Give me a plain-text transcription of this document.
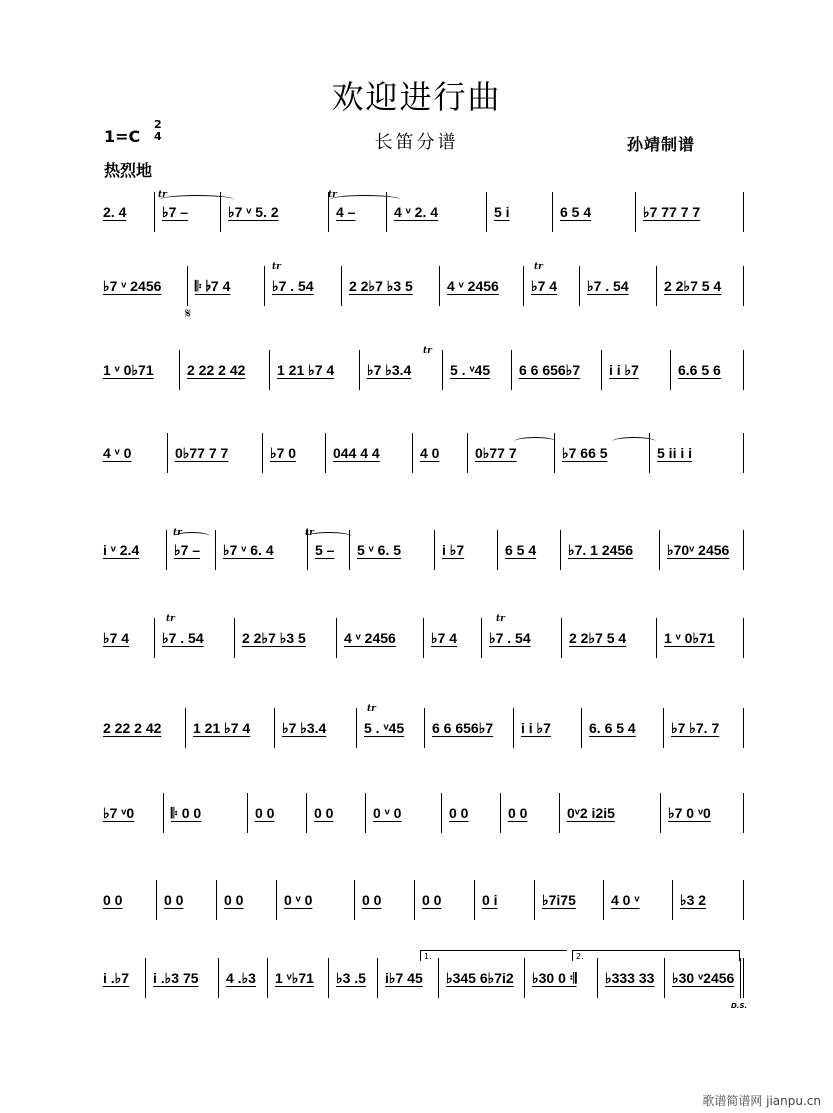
欢迎进行曲
1=C
2
4	长笛分谱	孙靖制谱
热烈地
2. 4	♭7 –	♭7 ᵛ 5. 2	4 –	4 ᵛ 2. 4	5 i	6 5 4	♭7 77 7 7
♭7 ᵛ 2456 𝄆 ♭7 4	♭7 . 54	2 2♭7 ♭3 5 4 ᵛ 2456 ♭7 4 ♭7 . 54	2 2♭7 5 4
1 ᵛ 0♭71 2 22 2 42 1 21 ♭7 4 ♭7 ♭3.4	5 . ᵛ45 6 6 656♭7 i i ♭7	6.6 5 6
4 ᵛ 0	0♭77 7 7	♭7 0	044 4 4	4 0	0♭77 7	♭7 66 5	5 ii i i
i ᵛ 2.4 ♭7 – ♭7 ᵛ 6. 4	5 – 5 ᵛ 6. 5	i ♭7	6 5 4 ♭7. 1 2456 ♭70ᵛ 2456
♭7 4 ♭7 . 54	2 2♭7 ♭3 5	4 ᵛ 2456	♭7 4 ♭7 . 54	2 2♭7 5 4	1 ᵛ 0♭71
2 22 2 42 1 21 ♭7 4 ♭7 ♭3.4	5 . ᵛ45 6 6 656♭7 i i ♭7	6. 6 5 4	♭7 ♭7. 7
♭7 ᵛ0	𝄆 0 0	0 0	0 0	0 ᵛ 0	0 0	0 0	0ᵛ2 i2i5	♭7 0 ᵛ0
0 0	0 0	0 0	0 ᵛ 0	0 0	0 0	0 i	♭7i75	4 0 ᵛ	♭3 2
i .♭7 i .♭3 75 4 .♭3 1 ᵛ♭71 ♭3 .5 i♭7 45 ♭345 6♭7i2 ♭30 0 𝄇 ♭333 33 ♭30 ᵛ2456
𝄋
D.S.
tr	tr
tr	tr
tr
tr	tr
tr	tr
tr
1.	2.
歌谱简谱网 jianpu.cn
